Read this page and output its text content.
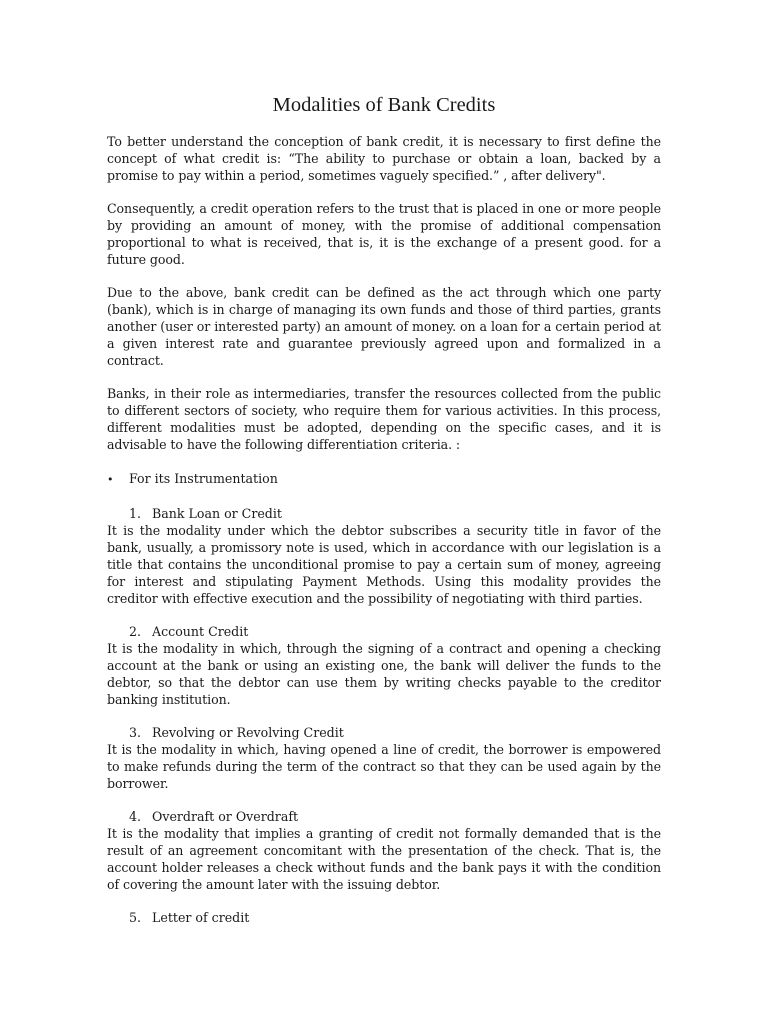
Modalities of Bank Credits

To better understand the conception of bank credit, it is necessary to first define the concept of what credit is: “The ability to purchase or obtain a loan, backed by a promise to pay within a period, sometimes vaguely specified.” , after delivery".

Consequently, a credit operation refers to the trust that is placed in one or more people by providing an amount of money, with the promise of additional compensation proportional to what is received, that is, it is the exchange of a present good. for a future good.

Due to the above, bank credit can be defined as the act through which one party (bank), which is in charge of managing its own funds and those of third parties, grants another (user or interested party) an amount of money. on a loan for a certain period at a given interest rate and guarantee previously agreed upon and formalized in a contract.

Banks, in their role as intermediaries, transfer the resources collected from the public to different sectors of society, who require them for various activities. In this process, different modalities must be adopted, depending on the specific cases, and it is advisable to have the following differentiation criteria. :

•	For its Instrumentation
1. Bank Loan or Credit

It is the modality under which the debtor subscribes a security title in favor of the bank, usually, a promissory note is used, which in accordance with our legislation is a title that contains the unconditional promise to pay a certain sum of money, agreeing for interest and stipulating Payment Methods. Using this modality provides the creditor with effective execution and the possibility of negotiating with third parties.

2. Account Credit

It is the modality in which, through the signing of a contract and opening a checking account at the bank or using an existing one, the bank will deliver the funds to the debtor, so that the debtor can use them by writing checks payable to the creditor banking institution.

3. Revolving or Revolving Credit

It is the modality in which, having opened a line of credit, the borrower is empowered to make refunds during the term of the contract so that they can be used again by the borrower.

4. Overdraft or Overdraft

It is the modality that implies a granting of credit not formally demanded that is the result of an agreement concomitant with the presentation of the check. That is, the account holder releases a check without funds and the bank pays it with the condition of covering the amount later with the issuing debtor.

5. Letter of credit
